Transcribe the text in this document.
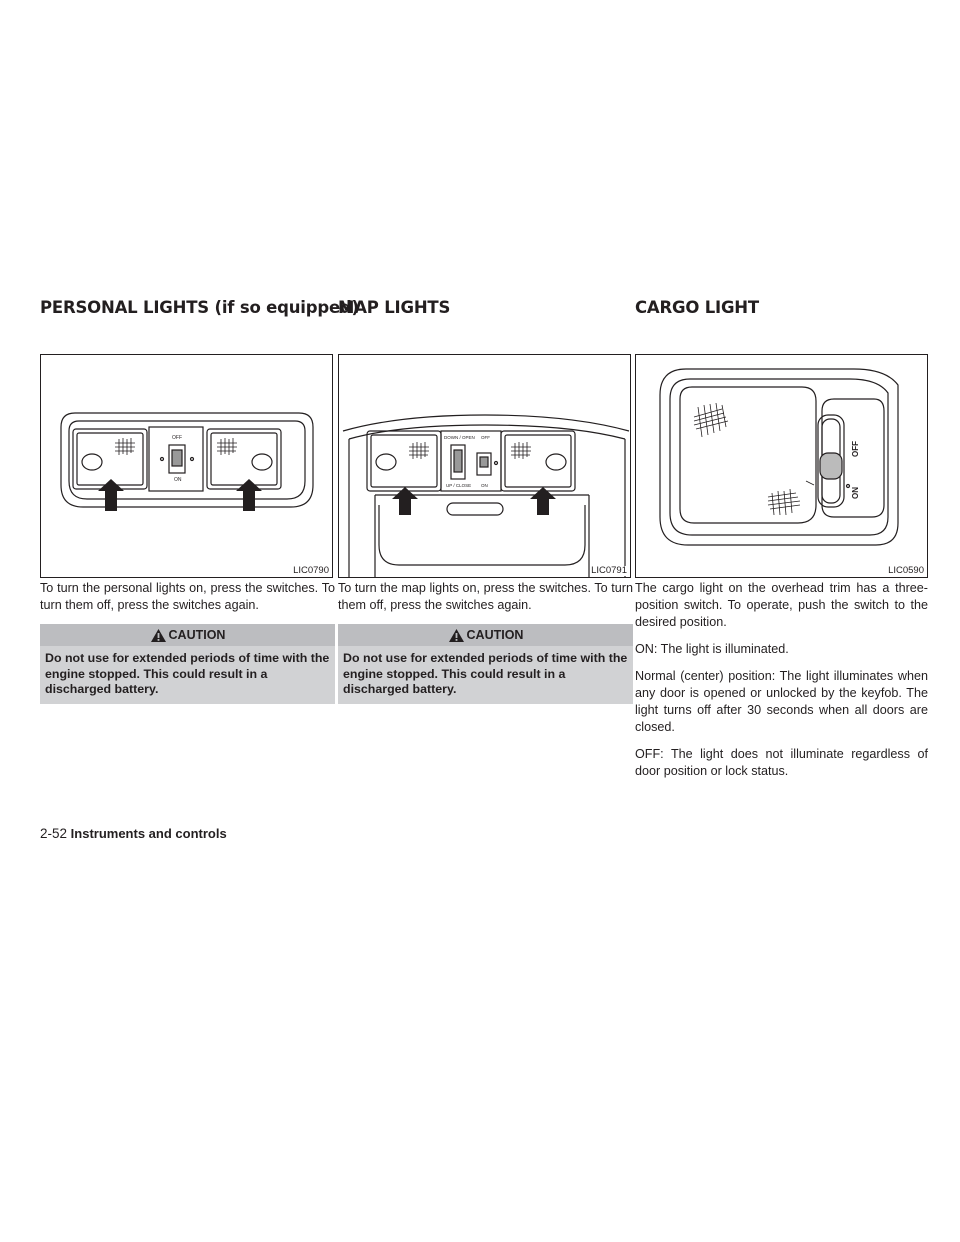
PERSONAL LIGHTS (if so equipped)
MAP LIGHTS	CARGO LIGHT
OFF
ON
LIC0790
DOWN / OPEN OFF
UP / CLOSE ON
LIC0791
OFF
ON
LIC0590

To turn the personal lights on, press the switches. To turn them off, press the switches again.

CAUTION
Do not use for extended periods of time with the engine stopped. This could result in a discharged battery.

To turn the map lights on, press the switches. To turn them off, press the switches again.

CAUTION
Do not use for extended periods of time with the engine stopped. This could result in a discharged battery.

The cargo light on the overhead trim has a three-position switch. To operate, push the switch to the desired position.

ON: The light is illuminated.

Normal (center) position: The light illuminates when any door is opened or unlocked by the keyfob. The light turns off after 30 seconds when all doors are closed.

OFF: The light does not illuminate regardless of door position or lock status.

2-52 Instruments and controls
